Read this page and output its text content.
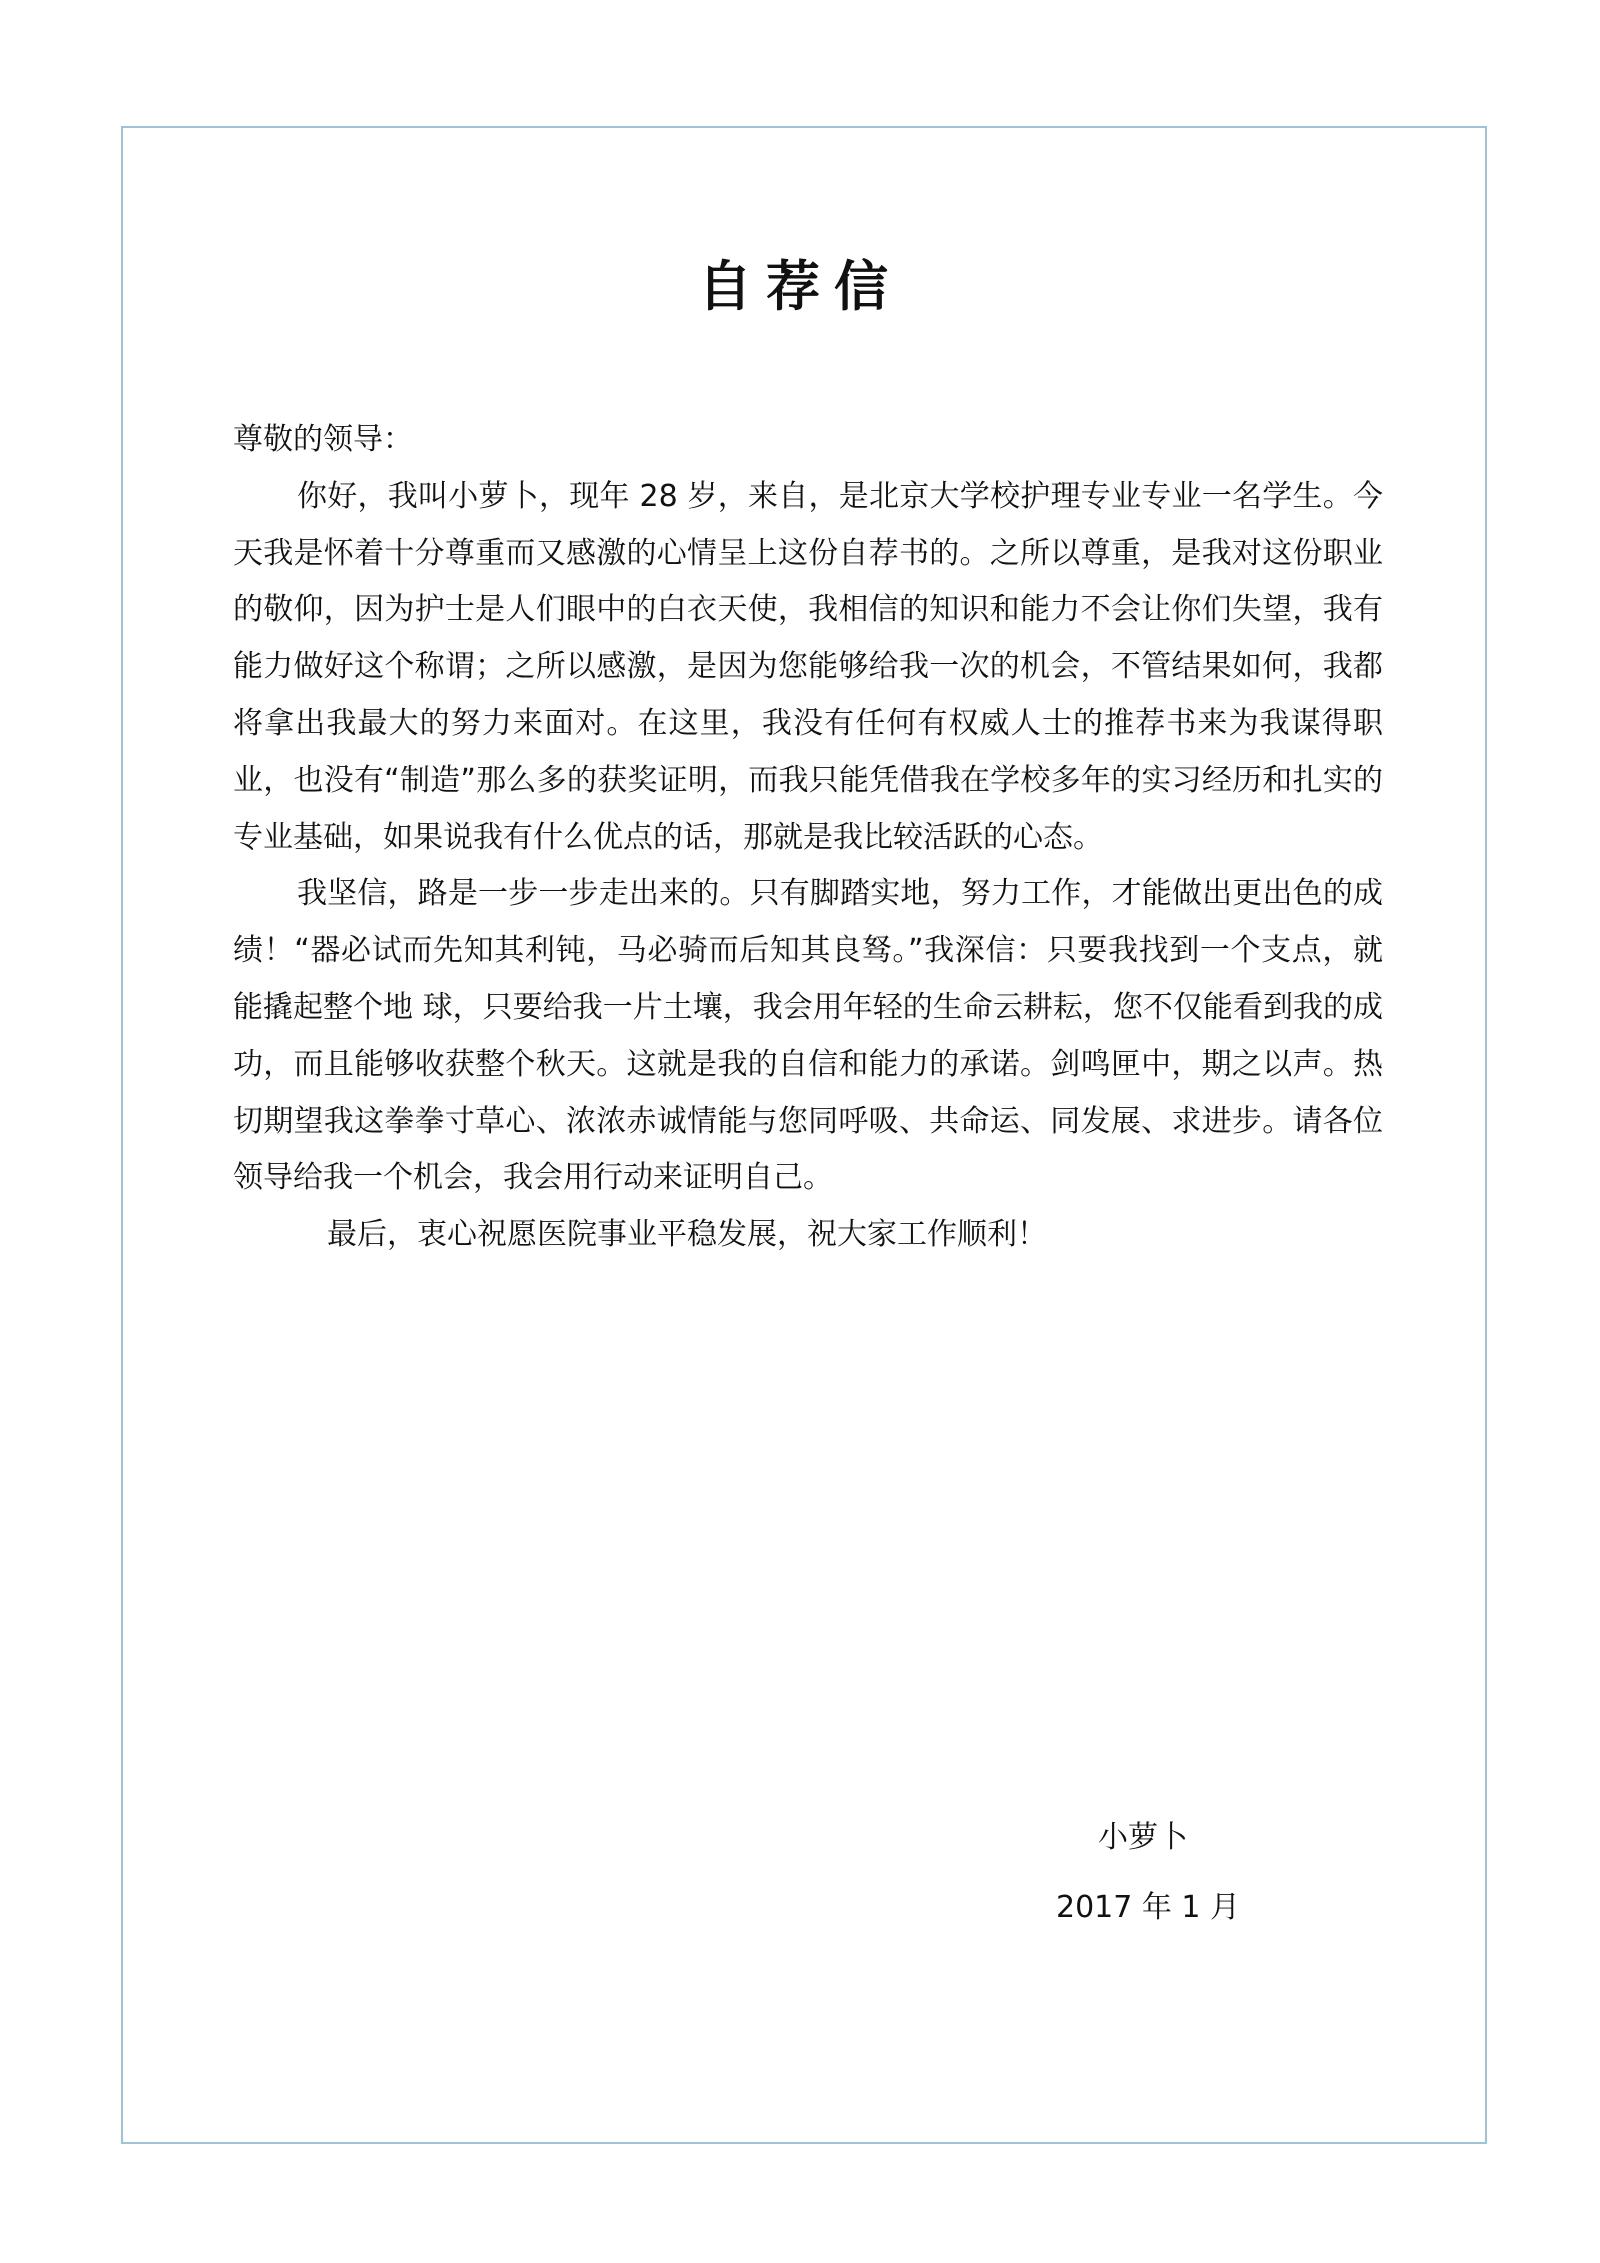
自荐信

尊敬的领导：

你好，我叫小萝卜，现年 28 岁，来自，是北京大学校护理专业专业一名学生。今天我是怀着十分尊重而又感激的心情呈上这份自荐书的。之所以尊重，是我对这份职业的敬仰，因为护士是人们眼中的白衣天使，我相信的知识和能力不会让你们失望，我有能力做好这个称谓；之所以感激，是因为您能够给我一次的机会，不管结果如何，我都将拿出我最大的努力来面对。在这里，我没有任何有权威人士的推荐书来为我谋得职业，也没有“制造”那么多的获奖证明，而我只能凭借我在学校多年的实习经历和扎实的专业基础，如果说我有什么优点的话，那就是我比较活跃的心态。

我坚信，路是一步一步走出来的。只有脚踏实地，努力工作，才能做出更出色的成绩！“器必试而先知其利钝，马必骑而后知其良驽。”我深信：只要我找到一个支点，就能撬起整个地 球，只要给我一片土壤，我会用年轻的生命云耕耘，您不仅能看到我的成功，而且能够收获整个秋天。这就是我的自信和能力的承诺。剑鸣匣中，期之以声。热切期望我这拳拳寸草心、浓浓赤诚情能与您同呼吸、共命运、同发展、求进步。请各位领导给我一个机会，我会用行动来证明自己。

最后，衷心祝愿医院事业平稳发展，祝大家工作顺利！

小萝卜
2017 年 1 月
